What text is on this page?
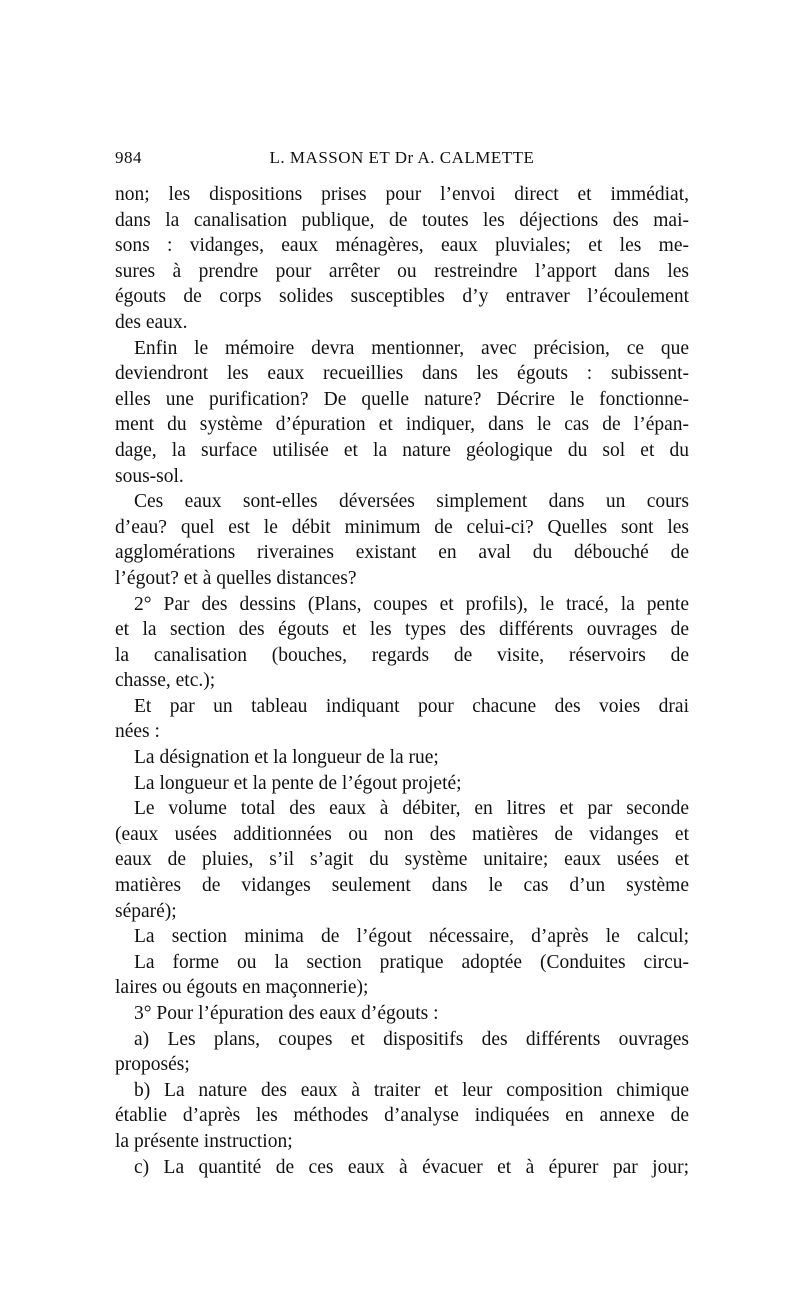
984	L. MASSON ET Dr A. CALMETTE
non; les dispositions prises pour l’envoi direct et immédiat,
dans la canalisation publique, de toutes les déjections des mai-
sons : vidanges, eaux ménagères, eaux pluviales; et les me-
sures à prendre pour arrêter ou restreindre l’apport dans les
égouts de corps solides susceptibles d’y entraver l’écoulement
des eaux.
Enfin le mémoire devra mentionner, avec précision, ce que
deviendront les eaux recueillies dans les égouts : subissent-
elles une purification? De quelle nature? Décrire le fonctionne-
ment du système d’épuration et indiquer, dans le cas de l’épan-
dage, la surface utilisée et la nature géologique du sol et du
sous-sol.
Ces eaux sont-elles déversées simplement dans un cours
d’eau? quel est le débit minimum de celui-ci? Quelles sont les
agglomérations riveraines existant en aval du débouché de
l’égout? et à quelles distances?
2° Par des dessins (Plans, coupes et profils), le tracé, la pente
et la section des égouts et les types des différents ouvrages de
la canalisation (bouches, regards de visite, réservoirs de
chasse, etc.);
Et par un tableau indiquant pour chacune des voies drai
nées :
La désignation et la longueur de la rue;
La longueur et la pente de l’égout projeté;
Le volume total des eaux à débiter, en litres et par seconde
(eaux usées additionnées ou non des matières de vidanges et
eaux de pluies, s’il s’agit du système unitaire; eaux usées et
matières de vidanges seulement dans le cas d’un système
séparé);
La section minima de l’égout nécessaire, d’après le calcul;
La forme ou la section pratique adoptée (Conduites circu-
laires ou égouts en maçonnerie);
3° Pour l’épuration des eaux d’égouts :
a) Les plans, coupes et dispositifs des différents ouvrages
proposés;
b) La nature des eaux à traiter et leur composition chimique
établie d’après les méthodes d’analyse indiquées en annexe de
la présente instruction;
c) La quantité de ces eaux à évacuer et à épurer par jour;
